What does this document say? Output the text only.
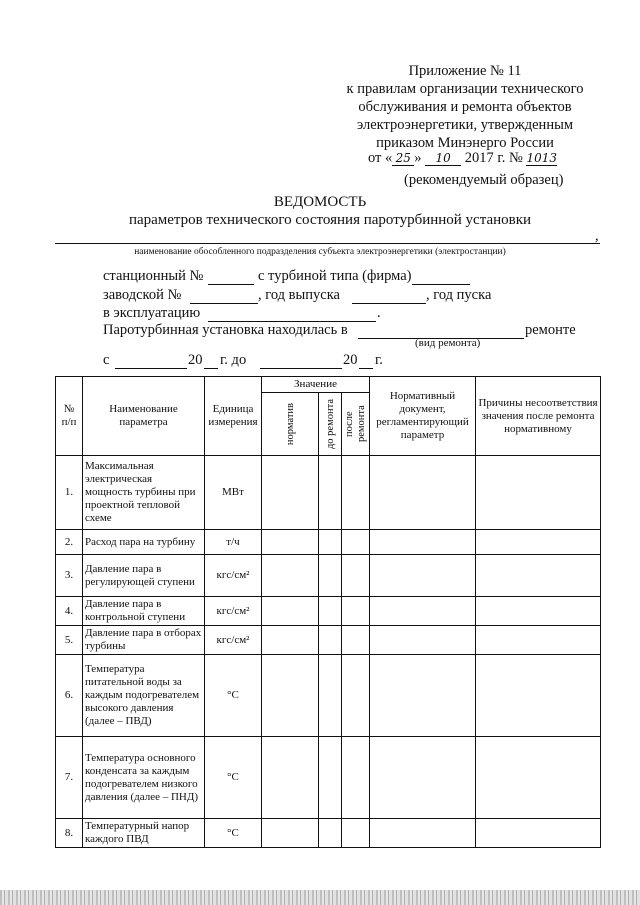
Приложение № 11
к правилам организации технического
обслуживания и ремонта объектов
электроэнергетики, утвержденным
приказом Минэнерго России
от « 25 » 10 2017 г. № 1013
(рекомендуемый образец)
ВЕДОМОСТЬ
параметров технического состояния паротурбинной установки
,
наименование обособленного подразделения субъекта электроэнергетики (электростанции)
станционный №	с турбиной типа (фирма)
заводской №	, год выпуска	, год пуска
в эксплуатацию	.
Паротурбинная установка находилась в	ремонте
(вид ремонта)
с	20 г. до	20 г.
№ п/п	Наименование параметра	Единица измерения	Значение			Нормативный документ, регламентирующий параметр	Причины несоответствия значения после ремонта нормативному

			норматив	до ремонта	после ремонта		

1.	Максимальная электрическая мощность турбины при проектной тепловой схеме	МВт					
2.	Расход пара на турбину	т/ч					
3.	Давление пара в регулирующей ступени	кгс/см²					
4.	Давление пара в контрольной ступени	кгс/см²					
5.	Давление пара в отборах турбины	кгс/см²					
6.	Температура питательной воды за каждым подогревателем высокого давления (далее – ПВД)	°С					
7.	Температура основного конденсата за каждым подогревателем низкого давления (далее – ПНД)	°С					
8.	Температурный напор каждого ПВД	°С					
